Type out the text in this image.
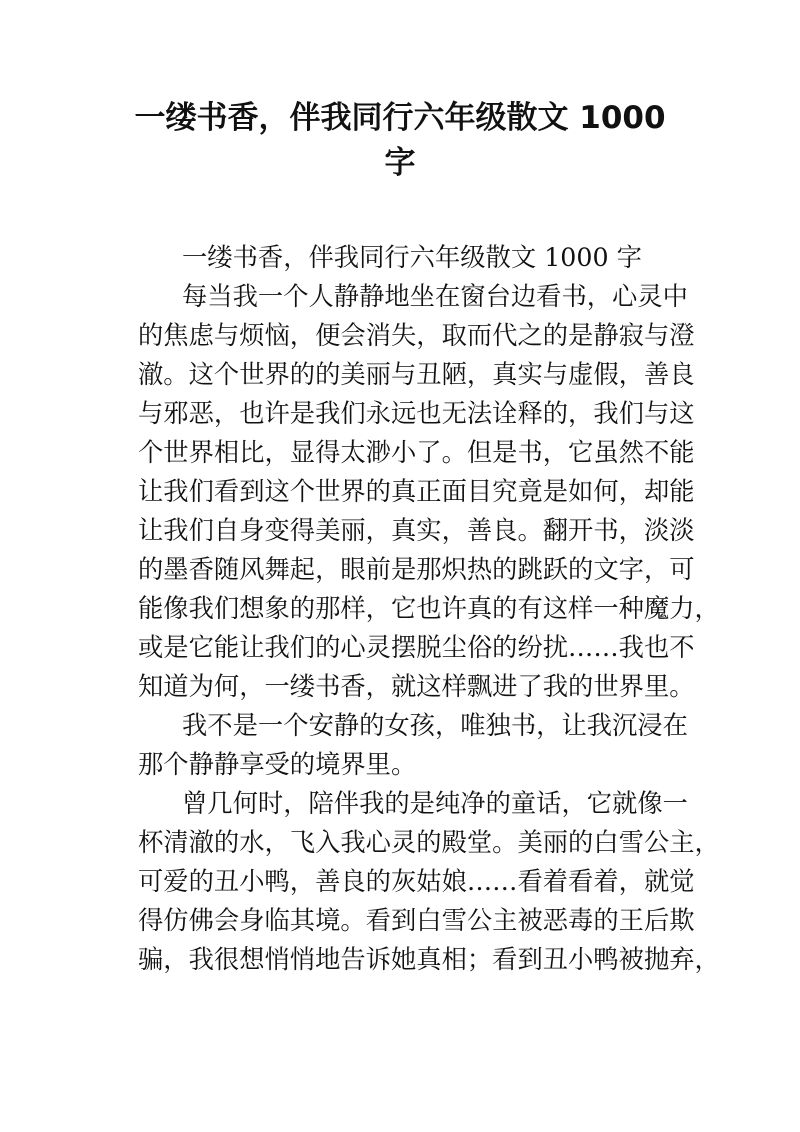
一缕书香，伴我同行六年级散文 1000
字
一缕书香，伴我同行六年级散文 1000 字
每当我一个人静静地坐在窗台边看书，心灵中
的焦虑与烦恼，便会消失，取而代之的是静寂与澄
澈。这个世界的的美丽与丑陋，真实与虚假，善良
与邪恶，也许是我们永远也无法诠释的，我们与这
个世界相比，显得太渺小了。但是书，它虽然不能
让我们看到这个世界的真正面目究竟是如何，却能
让我们自身变得美丽，真实，善良。翻开书，淡淡
的墨香随风舞起，眼前是那炽热的跳跃的文字，可
能像我们想象的那样，它也许真的有这样一种魔力，
或是它能让我们的心灵摆脱尘俗的纷扰……我也不
知道为何，一缕书香，就这样飘进了我的世界里。
我不是一个安静的女孩，唯独书，让我沉浸在
那个静静享受的境界里。
曾几何时，陪伴我的是纯净的童话，它就像一
杯清澈的水，飞入我心灵的殿堂。美丽的白雪公主，
可爱的丑小鸭，善良的灰姑娘……看着看着，就觉
得仿佛会身临其境。看到白雪公主被恶毒的王后欺
骗，我很想悄悄地告诉她真相；看到丑小鸭被抛弃，
